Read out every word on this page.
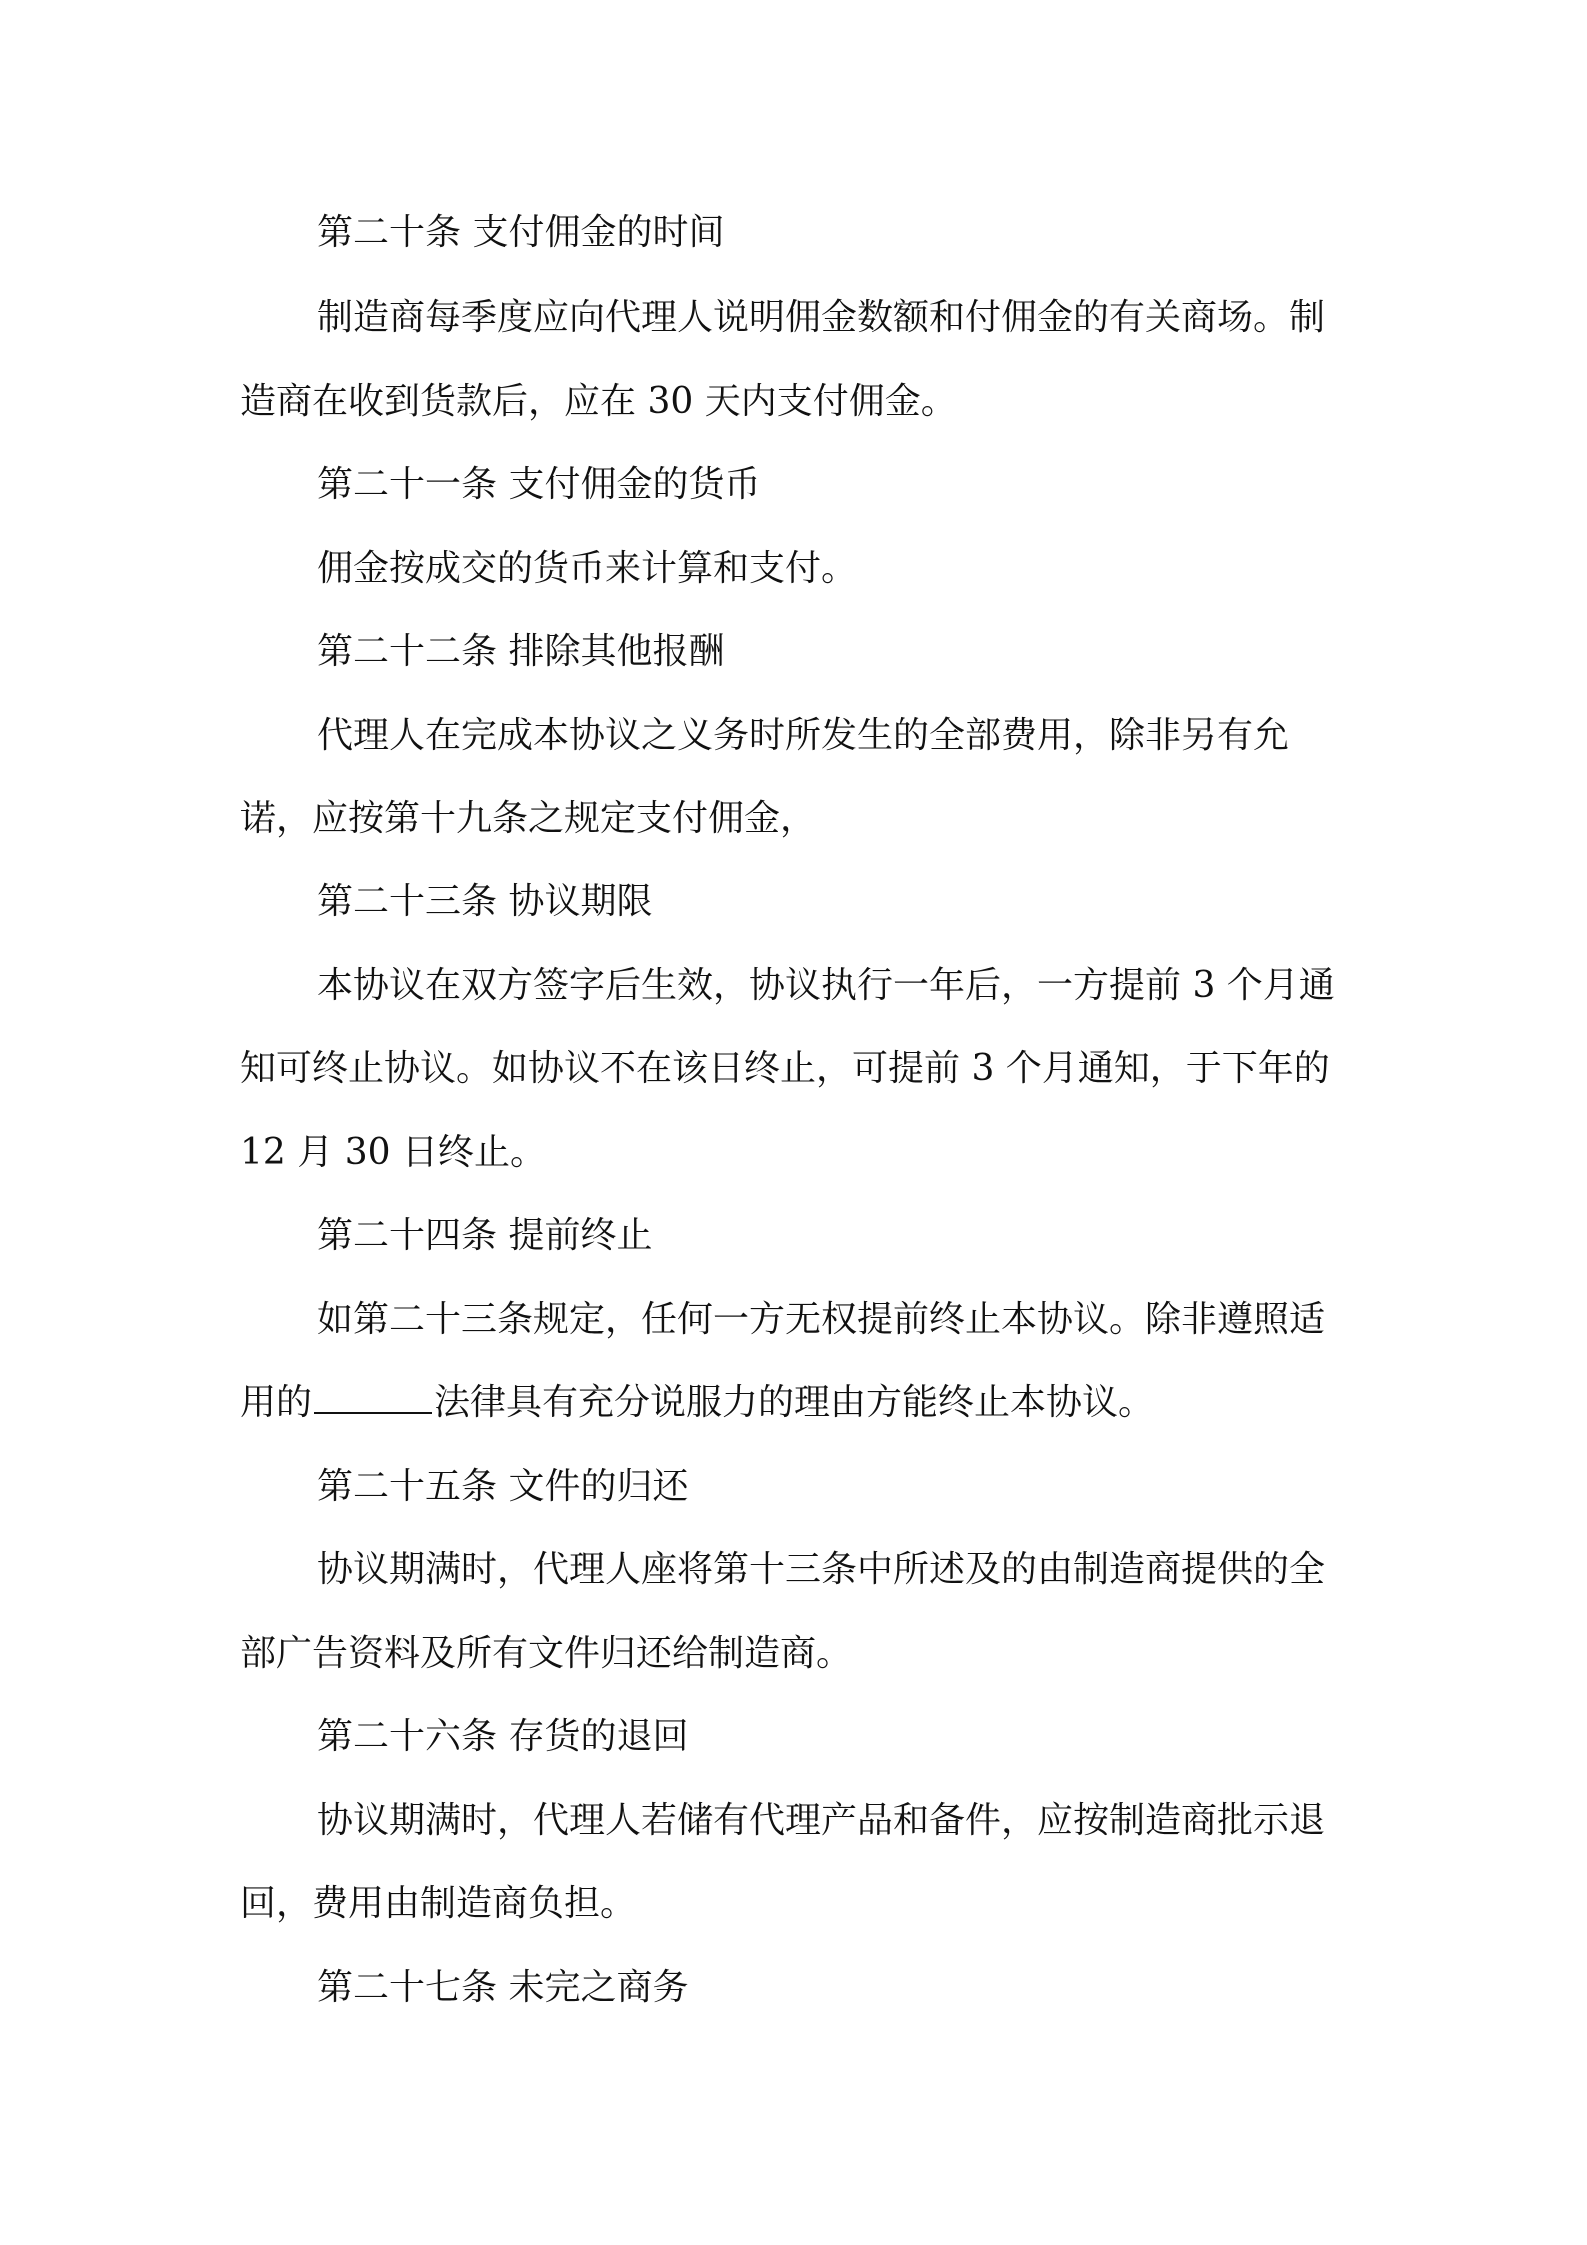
第二十条 支付佣金的时间
制造商每季度应向代理人说明佣金数额和付佣金的有关商场。制
造商在收到货款后，应在 30 天内支付佣金。
第二十一条 支付佣金的货币
佣金按成交的货币来计算和支付。
第二十二条 排除其他报酬
代理人在完成本协议之义务时所发生的全部费用，除非另有允
诺，应按第十九条之规定支付佣金，
第二十三条 协议期限
本协议在双方签字后生效，协议执行一年后，一方提前 3 个月通
知可终止协议。如协议不在该日终止，可提前 3 个月通知，于下年的
12 月 30 日终止。
第二十四条 提前终止
如第二十三条规定，任何一方无权提前终止本协议。除非遵照适
用的	法律具有充分说服力的理由方能终止本协议。
第二十五条 文件的归还
协议期满时，代理人座将第十三条中所述及的由制造商提供的全
部广告资料及所有文件归还给制造商。
第二十六条 存货的退回
协议期满时，代理人若储有代理产品和备件，应按制造商批示退
回，费用由制造商负担。
第二十七条 未完之商务
